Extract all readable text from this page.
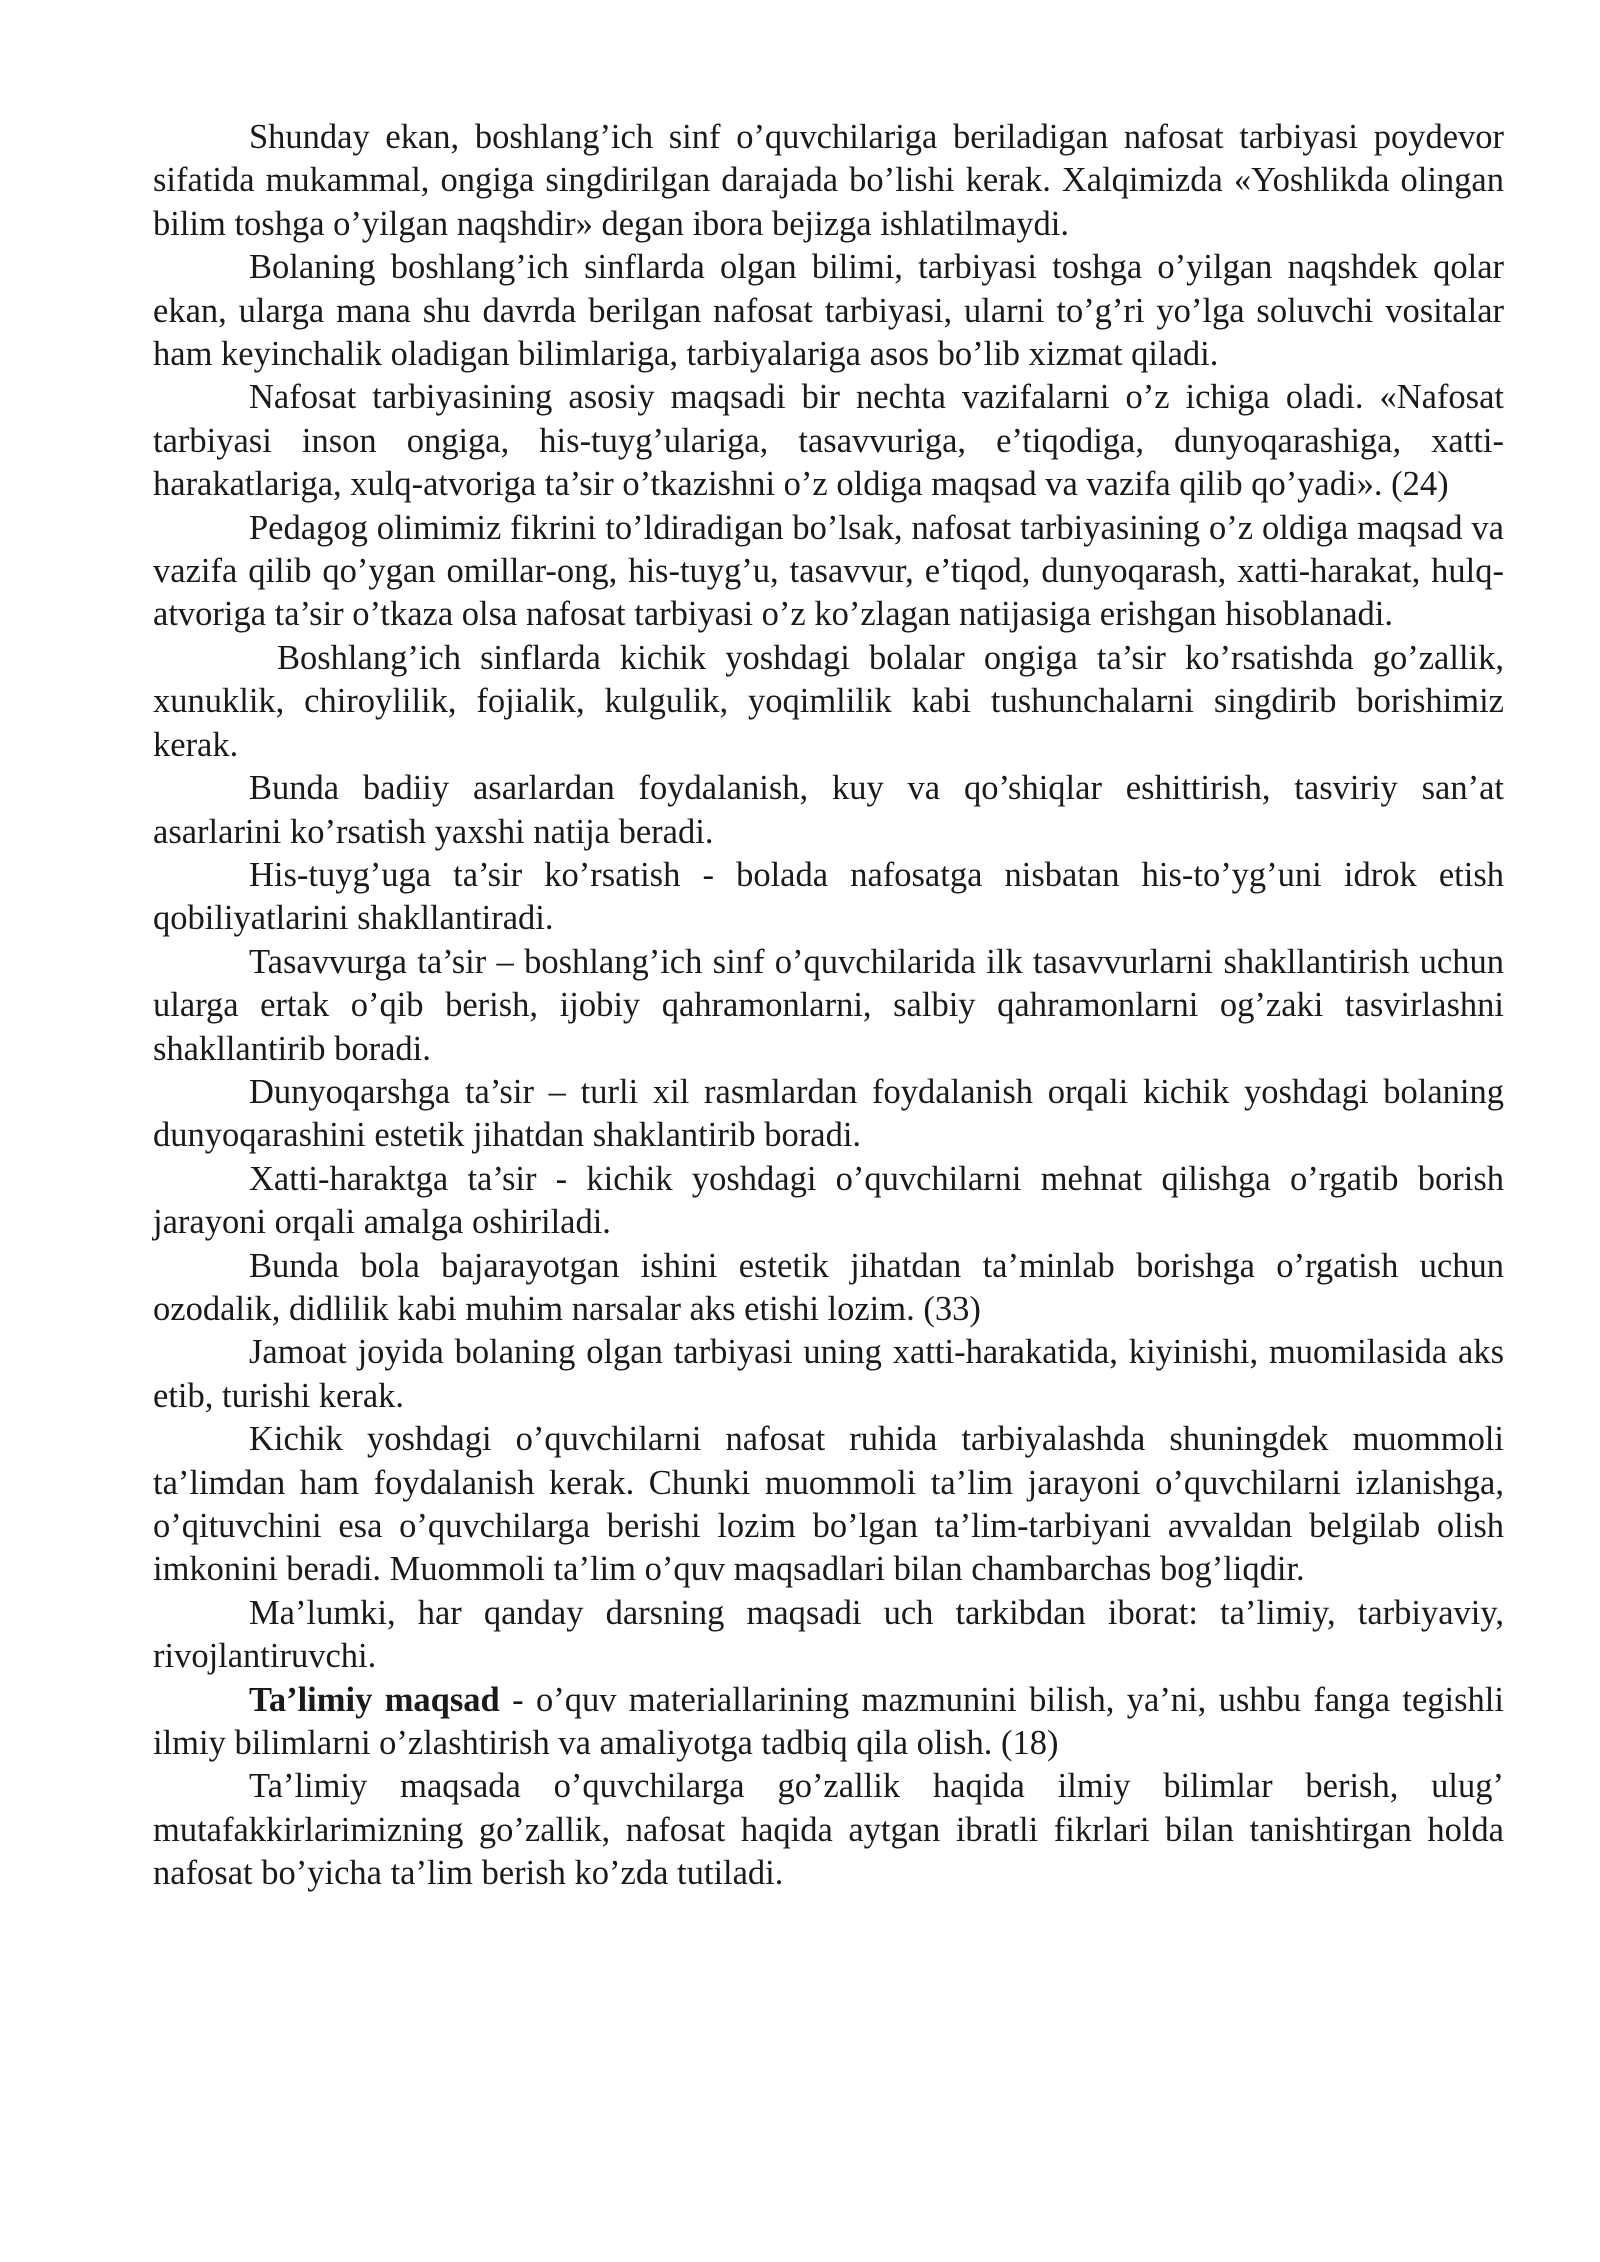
Shunday ekan, boshlang’ich sinf o’quvchilariga beriladigan nafosat tarbiyasi poydevor sifatida mukammal, ongiga singdirilgan darajada bo’lishi kerak. Xalqimizda «Yoshlikda olingan bilim toshga o’yilgan naqshdir» degan ibora bejizga ishlatilmaydi.

Bolaning boshlang’ich sinflarda olgan bilimi, tarbiyasi toshga o’yilgan naqshdek qolar ekan, ularga mana shu davrda berilgan nafosat tarbiyasi, ularni to’g’ri yo’lga soluvchi vositalar ham keyinchalik oladigan bilimlariga, tarbiyalariga asos bo’lib xizmat qiladi.

Nafosat tarbiyasining asosiy maqsadi bir nechta vazifalarni o’z ichiga oladi. «Nafosat tarbiyasi inson ongiga, his-tuyg’ulariga, tasavvuriga, e’tiqodiga, dunyoqarashiga, xatti-harakatlariga, xulq-atvoriga ta’sir o’tkazishni o’z oldiga maqsad va vazifa qilib qo’yadi». (24)

Pedagog olimimiz fikrini to’ldiradigan bo’lsak, nafosat tarbiyasining o’z oldiga maqsad va vazifa qilib qo’ygan omillar-ong, his-tuyg’u, tasavvur, e’tiqod, dunyoqarash, xatti-harakat, hulq-atvoriga ta’sir o’tkaza olsa nafosat tarbiyasi o’z ko’zlagan natijasiga erishgan hisoblanadi.

Boshlang’ich sinflarda kichik yoshdagi bolalar ongiga ta’sir ko’rsatishda go’zallik, xunuklik, chiroylilik, fojialik, kulgulik, yoqimlilik kabi tushunchalarni singdirib borishimiz kerak.

Bunda badiiy asarlardan foydalanish, kuy va qo’shiqlar eshittirish, tasviriy san’at asarlarini ko’rsatish yaxshi natija beradi.

His-tuyg’uga ta’sir ko’rsatish - bolada nafosatga nisbatan his-to’yg’uni idrok etish qobiliyatlarini shakllantiradi.

Tasavvurga ta’sir – boshlang’ich sinf o’quvchilarida ilk tasavvurlarni shakllantirish uchun ularga ertak o’qib berish, ijobiy qahramonlarni, salbiy qahramonlarni og’zaki tasvirlashni shakllantirib boradi.

Dunyoqarshga ta’sir – turli xil rasmlardan foydalanish orqali kichik yoshdagi bolaning dunyoqarashini estetik jihatdan shaklantirib boradi.

Xatti-haraktga ta’sir - kichik yoshdagi o’quvchilarni mehnat qilishga o’rgatib borish jarayoni orqali amalga oshiriladi.

Bunda bola bajarayotgan ishini estetik jihatdan ta’minlab borishga o’rgatish uchun ozodalik, didlilik kabi muhim narsalar aks etishi lozim. (33)

Jamoat joyida bolaning olgan tarbiyasi uning xatti-harakatida, kiyinishi, muomilasida aks etib, turishi kerak.

Kichik yoshdagi o’quvchilarni nafosat ruhida tarbiyalashda shuningdek muommoli ta’limdan ham foydalanish kerak. Chunki muommoli ta’lim jarayoni o’quvchilarni izlanishga, o’qituvchini esa o’quvchilarga berishi lozim bo’lgan ta’lim-tarbiyani avvaldan belgilab olish imkonini beradi. Muommoli ta’lim o’quv maqsadlari bilan chambarchas bog’liqdir.

Ma’lumki, har qanday darsning maqsadi uch tarkibdan iborat: ta’limiy, tarbiyaviy, rivojlantiruvchi.

Ta’limiy maqsad - o’quv materiallarining mazmunini bilish, ya’ni, ushbu fanga tegishli ilmiy bilimlarni o’zlashtirish va amaliyotga tadbiq qila olish. (18)

Ta’limiy maqsada o’quvchilarga go’zallik haqida ilmiy bilimlar berish, ulug’ mutafakkirlarimizning go’zallik, nafosat haqida aytgan ibratli fikrlari bilan tanishtirgan holda nafosat bo’yicha ta’lim berish ko’zda tutiladi.
